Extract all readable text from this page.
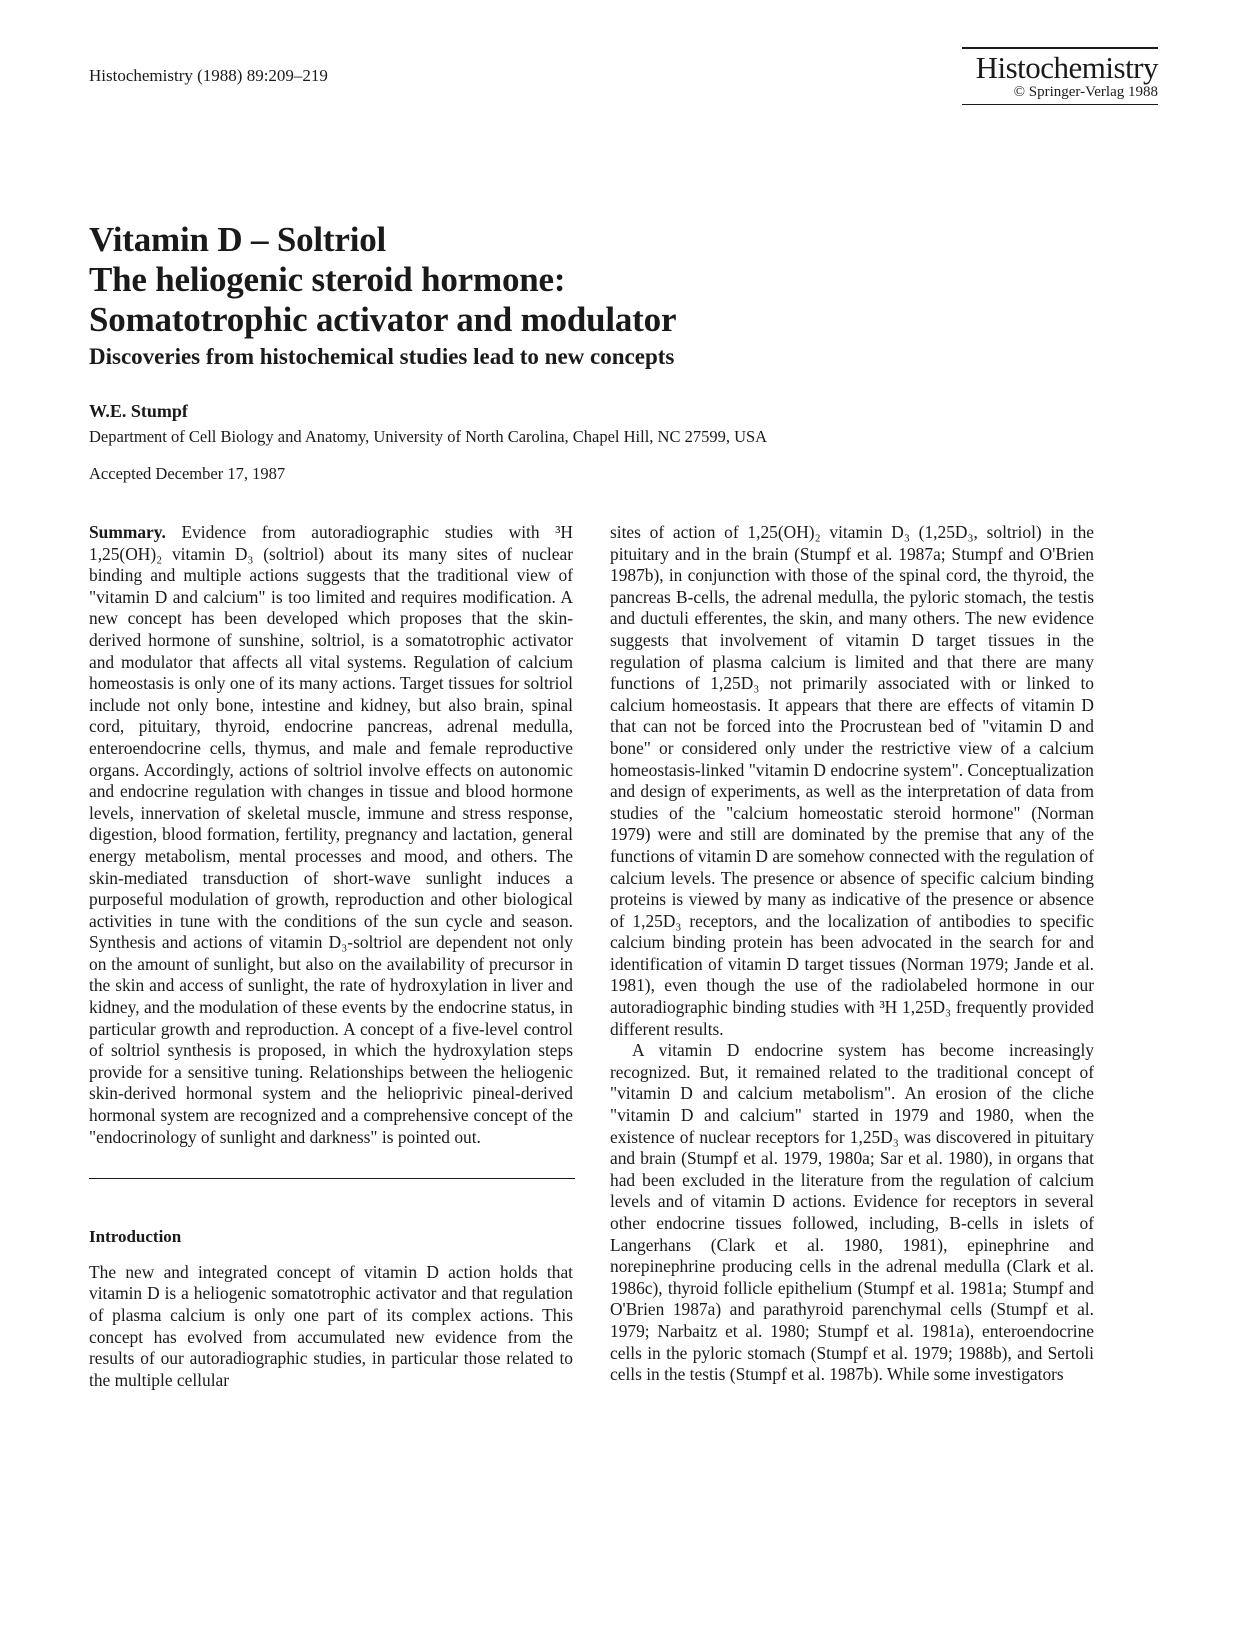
Histochemistry (1988) 89:209–219	Histochemistry
© Springer-Verlag 1988
Vitamin D – Soltriol
The heliogenic steroid hormone:
Somatotrophic activator and modulator
Discoveries from histochemical studies lead to new concepts
W.E. Stumpf
Department of Cell Biology and Anatomy, University of North Carolina, Chapel Hill, NC 27599, USA
Accepted December 17, 1987

Summary. Evidence from autoradiographic studies with ³H 1,25(OH)₂ vitamin D₃ (soltriol) about its many sites of nuclear binding and multiple actions suggests that the traditional view of "vitamin D and calcium" is too limited and requires modification. A new concept has been developed which proposes that the skin-derived hormone of sunshine, soltriol, is a somatotrophic activator and modulator that affects all vital systems. Regulation of calcium homeostasis is only one of its many actions. Target tissues for soltriol include not only bone, intestine and kidney, but also brain, spinal cord, pituitary, thyroid, endocrine pancreas, adrenal medulla, enteroendocrine cells, thymus, and male and female reproductive organs. Accordingly, actions of soltriol involve effects on autonomic and endocrine regulation with changes in tissue and blood hormone levels, innervation of skeletal muscle, immune and stress response, digestion, blood formation, fertility, pregnancy and lactation, general energy metabolism, mental processes and mood, and others. The skin-mediated transduction of short-wave sunlight induces a purposeful modulation of growth, reproduction and other biological activities in tune with the conditions of the sun cycle and season. Synthesis and actions of vitamin D₃-soltriol are dependent not only on the amount of sunlight, but also on the availability of precursor in the skin and access of sunlight, the rate of hydroxylation in liver and kidney, and the modulation of these events by the endocrine status, in particular growth and reproduction. A concept of a five-level control of soltriol synthesis is proposed, in which the hydroxylation steps provide for a sensitive tuning. Relationships between the heliogenic skin-derived hormonal system and the helioprivic pineal-derived hormonal system are recognized and a comprehensive concept of the "endocrinology of sunlight and darkness" is pointed out.

Introduction
The new and integrated concept of vitamin D action holds that vitamin D is a heliogenic somatotrophic activator and that regulation of plasma calcium is only one part of its complex actions. This concept has evolved from accumulated new evidence from the results of our autoradiographic studies, in particular those related to the multiple cellular

sites of action of 1,25(OH)₂ vitamin D₃ (1,25D₃, soltriol) in the pituitary and in the brain (Stumpf et al. 1987a; Stumpf and O'Brien 1987b), in conjunction with those of the spinal cord, the thyroid, the pancreas B-cells, the adrenal medulla, the pyloric stomach, the testis and ductuli efferentes, the skin, and many others. The new evidence suggests that involvement of vitamin D target tissues in the regulation of plasma calcium is limited and that there are many functions of 1,25D₃ not primarily associated with or linked to calcium homeostasis. It appears that there are effects of vitamin D that can not be forced into the Procrustean bed of "vitamin D and bone" or considered only under the restrictive view of a calcium homeostasis-linked "vitamin D endocrine system". Conceptualization and design of experiments, as well as the interpretation of data from studies of the "calcium homeostatic steroid hormone" (Norman 1979) were and still are dominated by the premise that any of the functions of vitamin D are somehow connected with the regulation of calcium levels. The presence or absence of specific calcium binding proteins is viewed by many as indicative of the presence or absence of 1,25D₃ receptors, and the localization of antibodies to specific calcium binding protein has been advocated in the search for and identification of vitamin D target tissues (Norman 1979; Jande et al. 1981), even though the use of the radiolabeled hormone in our autoradiographic binding studies with ³H 1,25D₃ frequently provided different results.

A vitamin D endocrine system has become increasingly recognized. But, it remained related to the traditional concept of "vitamin D and calcium metabolism". An erosion of the cliche "vitamin D and calcium" started in 1979 and 1980, when the existence of nuclear receptors for 1,25D₃ was discovered in pituitary and brain (Stumpf et al. 1979, 1980a; Sar et al. 1980), in organs that had been excluded in the literature from the regulation of calcium levels and of vitamin D actions. Evidence for receptors in several other endocrine tissues followed, including, B-cells in islets of Langerhans (Clark et al. 1980, 1981), epinephrine and norepinephrine producing cells in the adrenal medulla (Clark et al. 1986c), thyroid follicle epithelium (Stumpf et al. 1981a; Stumpf and O'Brien 1987a) and parathyroid parenchymal cells (Stumpf et al. 1979; Narbaitz et al. 1980; Stumpf et al. 1981a), enteroendocrine cells in the pyloric stomach (Stumpf et al. 1979; 1988b), and Sertoli cells in the testis (Stumpf et al. 1987b). While some investigators
